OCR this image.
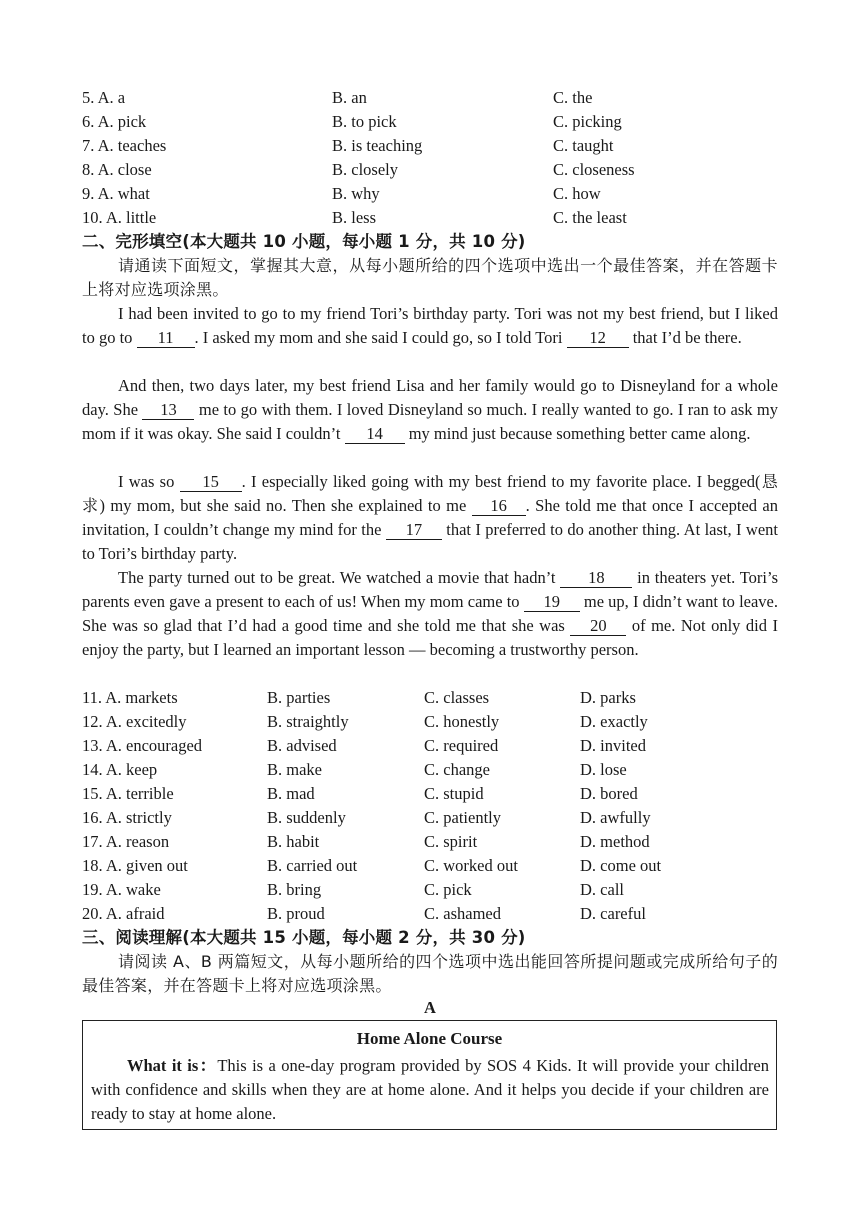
5. A. a	B. an	C. the
6. A. pick	B. to pick	C. picking
7. A. teaches	B. is teaching	C. taught
8. A. close	B. closely	C. closeness
9. A. what	B. why	C. how
10. A. little	B. less	C. the least
二、完形填空(本大题共 10 小题，每小题 1 分，共 10 分)
请通读下面短文，掌握其大意，从每小题所给的四个选项中选出一个最佳答案，并在答题卡上将对应选项涂黑。
I had been invited to go to my friend Tori’s birthday party. Tori was not my best friend, but I liked to go to 11 . I asked my mom and she said I could go, so I told Tori 12 that I’d be there.
And then, two days later, my best friend Lisa and her family would go to Disneyland for a whole day. She 13 me to go with them. I loved Disneyland so much. I really wanted to go. I ran to ask my mom if it was okay. She said I couldn’t 14 my mind just because something better came along.
I was so 15 . I especially liked going with my best friend to my favorite place. I begged(恳求) my mom, but she said no. Then she explained to me 16 . She told me that once I accepted an invitation, I couldn’t change my mind for the 17 that I preferred to do another thing. At last, I went to Tori’s birthday party.
The party turned out to be great. We watched a movie that hadn’t 18 in theaters yet. Tori’s parents even gave a present to each of us! When my mom came to 19 me up, I didn’t want to leave. She was so glad that I’d had a good time and she told me that she was 20 of me. Not only did I enjoy the party, but I learned an important lesson — becoming a trustworthy person.
11. A. markets	B. parties	C. classes	D. parks
12. A. excitedly	B. straightly	C. honestly	D. exactly
13. A. encouraged	B. advised	C. required	D. invited
14. A. keep	B. make	C. change	D. lose
15. A. terrible	B. mad	C. stupid	D. bored
16. A. strictly	B. suddenly	C. patiently	D. awfully
17. A. reason	B. habit	C. spirit	D. method
18. A. given out	B. carried out	C. worked out	D. come out
19. A. wake	B. bring	C. pick	D. call
20. A. afraid	B. proud	C. ashamed	D. careful
三、阅读理解(本大题共 15 小题，每小题 2 分，共 30 分)
请阅读 A、B 两篇短文，从每小题所给的四个选项中选出能回答所提问题或完成所给句子的最佳答案，并在答题卡上将对应选项涂黑。
A
Home Alone Course
What it is：This is a one-day program provided by SOS 4 Kids. It will provide your children with confidence and skills when they are at home alone. And it helps you decide if your children are ready to stay at home alone.
